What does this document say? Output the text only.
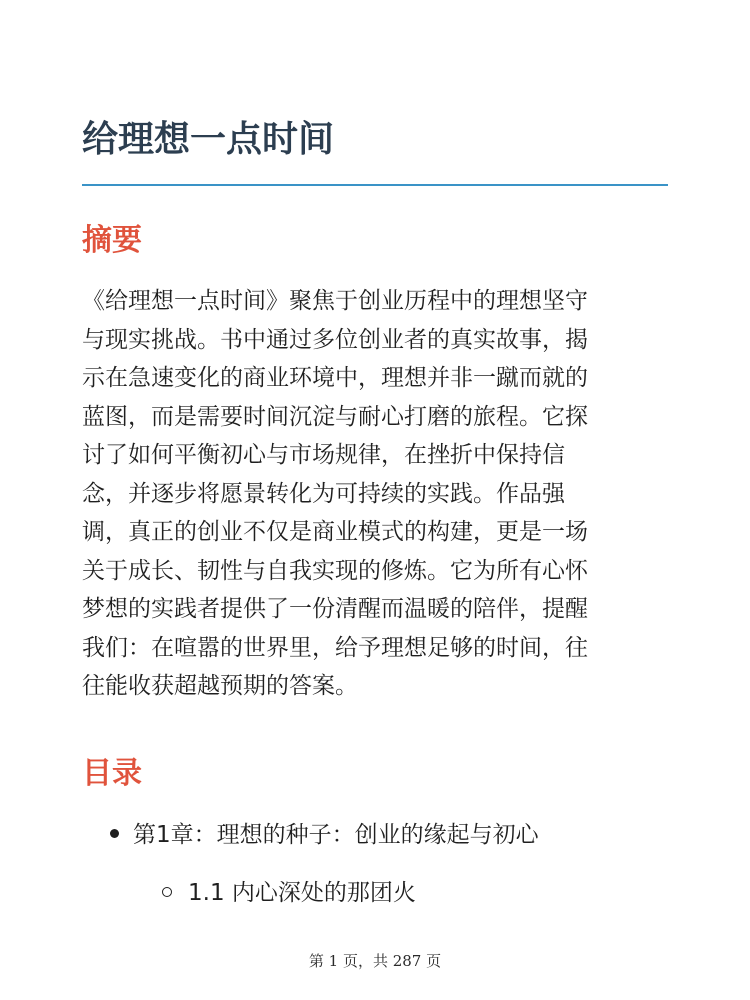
给理想一点时间
摘要

《给理想一点时间》聚焦于创业历程中的理想坚守
与现实挑战。书中通过多位创业者的真实故事，揭
示在急速变化的商业环境中，理想并非一蹴而就的
蓝图，而是需要时间沉淀与耐心打磨的旅程。它探
讨了如何平衡初心与市场规律，在挫折中保持信
念，并逐步将愿景转化为可持续的实践。作品强
调，真正的创业不仅是商业模式的构建，更是一场
关于成长、韧性与自我实现的修炼。它为所有心怀
梦想的实践者提供了一份清醒而温暖的陪伴，提醒
我们：在喧嚣的世界里，给予理想足够的时间，往
往能收获超越预期的答案。

目录
第1章：理想的种子：创业的缘起与初心
1.1 内心深处的那团火
第 1 页，共 287 页
